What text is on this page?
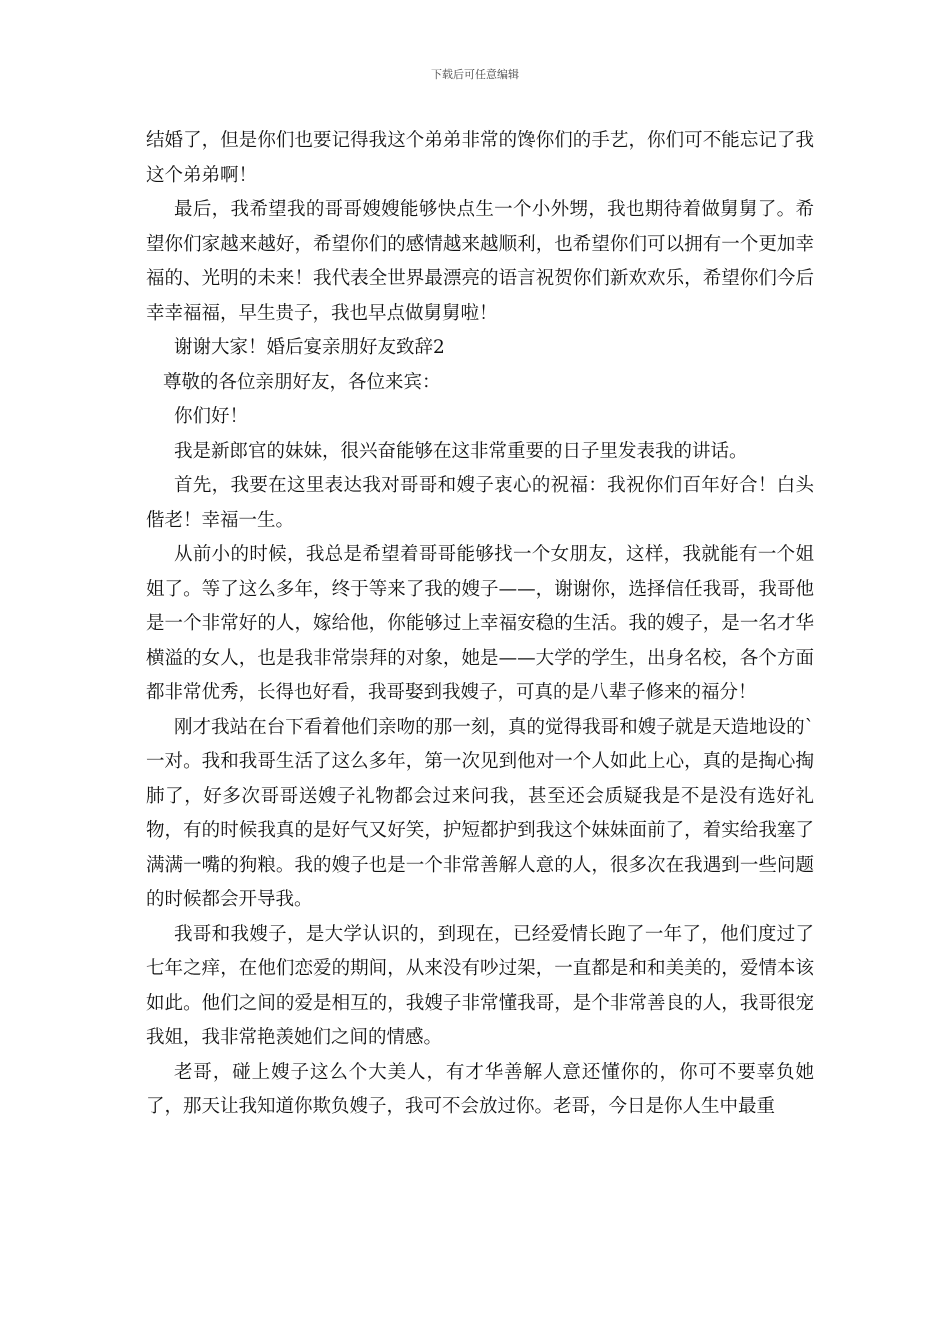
下载后可任意编辑

结婚了，但是你们也要记得我这个弟弟非常的馋你们的手艺，你们可不能忘记了我这个弟弟啊！

最后，我希望我的哥哥嫂嫂能够快点生一个小外甥，我也期待着做舅舅了。希望你们家越来越好，希望你们的感情越来越顺利，也希望你们可以拥有一个更加幸福的、光明的未来！我代表全世界最漂亮的语言祝贺你们新欢欢乐，希望你们今后幸幸福福，早生贵子，我也早点做舅舅啦！

谢谢大家！婚后宴亲朋好友致辞2

尊敬的各位亲朋好友，各位来宾：

你们好！

我是新郎官的妹妹，很兴奋能够在这非常重要的日子里发表我的讲话。

首先，我要在这里表达我对哥哥和嫂子衷心的祝福：我祝你们百年好合！白头偕老！幸福一生。

从前小的时候，我总是希望着哥哥能够找一个女朋友，这样，我就能有一个姐姐了。等了这么多年，终于等来了我的嫂子——，谢谢你，选择信任我哥，我哥他是一个非常好的人，嫁给他，你能够过上幸福安稳的生活。我的嫂子，是一名才华横溢的女人，也是我非常崇拜的对象，她是——大学的学生，出身名校，各个方面都非常优秀，长得也好看，我哥娶到我嫂子，可真的是八辈子修来的福分！

刚才我站在台下看着他们亲吻的那一刻，真的觉得我哥和嫂子就是天造地设的`一对。我和我哥生活了这么多年，第一次见到他对一个人如此上心，真的是掏心掏肺了，好多次哥哥送嫂子礼物都会过来问我，甚至还会质疑我是不是没有选好礼物，有的时候我真的是好气又好笑，护短都护到我这个妹妹面前了，着实给我塞了满满一嘴的狗粮。我的嫂子也是一个非常善解人意的人，很多次在我遇到一些问题的时候都会开导我。

我哥和我嫂子，是大学认识的，到现在，已经爱情长跑了一年了，他们度过了七年之痒，在他们恋爱的期间，从来没有吵过架，一直都是和和美美的，爱情本该如此。他们之间的爱是相互的，我嫂子非常懂我哥，是个非常善良的人，我哥很宠我姐，我非常艳羡她们之间的情感。

老哥，碰上嫂子这么个大美人，有才华善解人意还懂你的，你可不要辜负她了，那天让我知道你欺负嫂子，我可不会放过你。老哥，今日是你人生中最重
